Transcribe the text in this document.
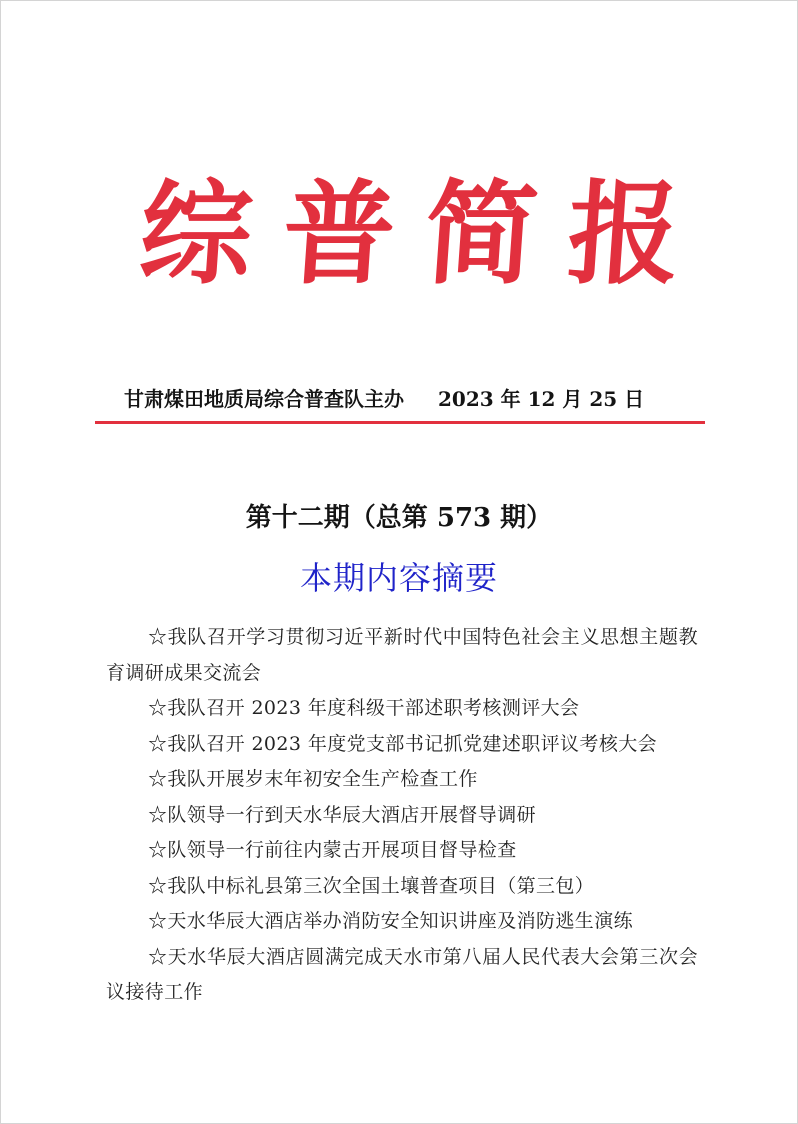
综 普 简 报
甘肃煤田地质局综合普查队主办 2023 年 12 月 25 日
第十二期（总第 573 期）
本期内容摘要

☆我队召开学习贯彻习近平新时代中国特色社会主义思想主题教育调研成果交流会

☆我队召开 2023 年度科级干部述职考核测评大会

☆我队召开 2023 年度党支部书记抓党建述职评议考核大会

☆我队开展岁末年初安全生产检查工作

☆队领导一行到天水华辰大酒店开展督导调研

☆队领导一行前往内蒙古开展项目督导检查

☆我队中标礼县第三次全国土壤普查项目（第三包）

☆天水华辰大酒店举办消防安全知识讲座及消防逃生演练

☆天水华辰大酒店圆满完成天水市第八届人民代表大会第三次会议接待工作
